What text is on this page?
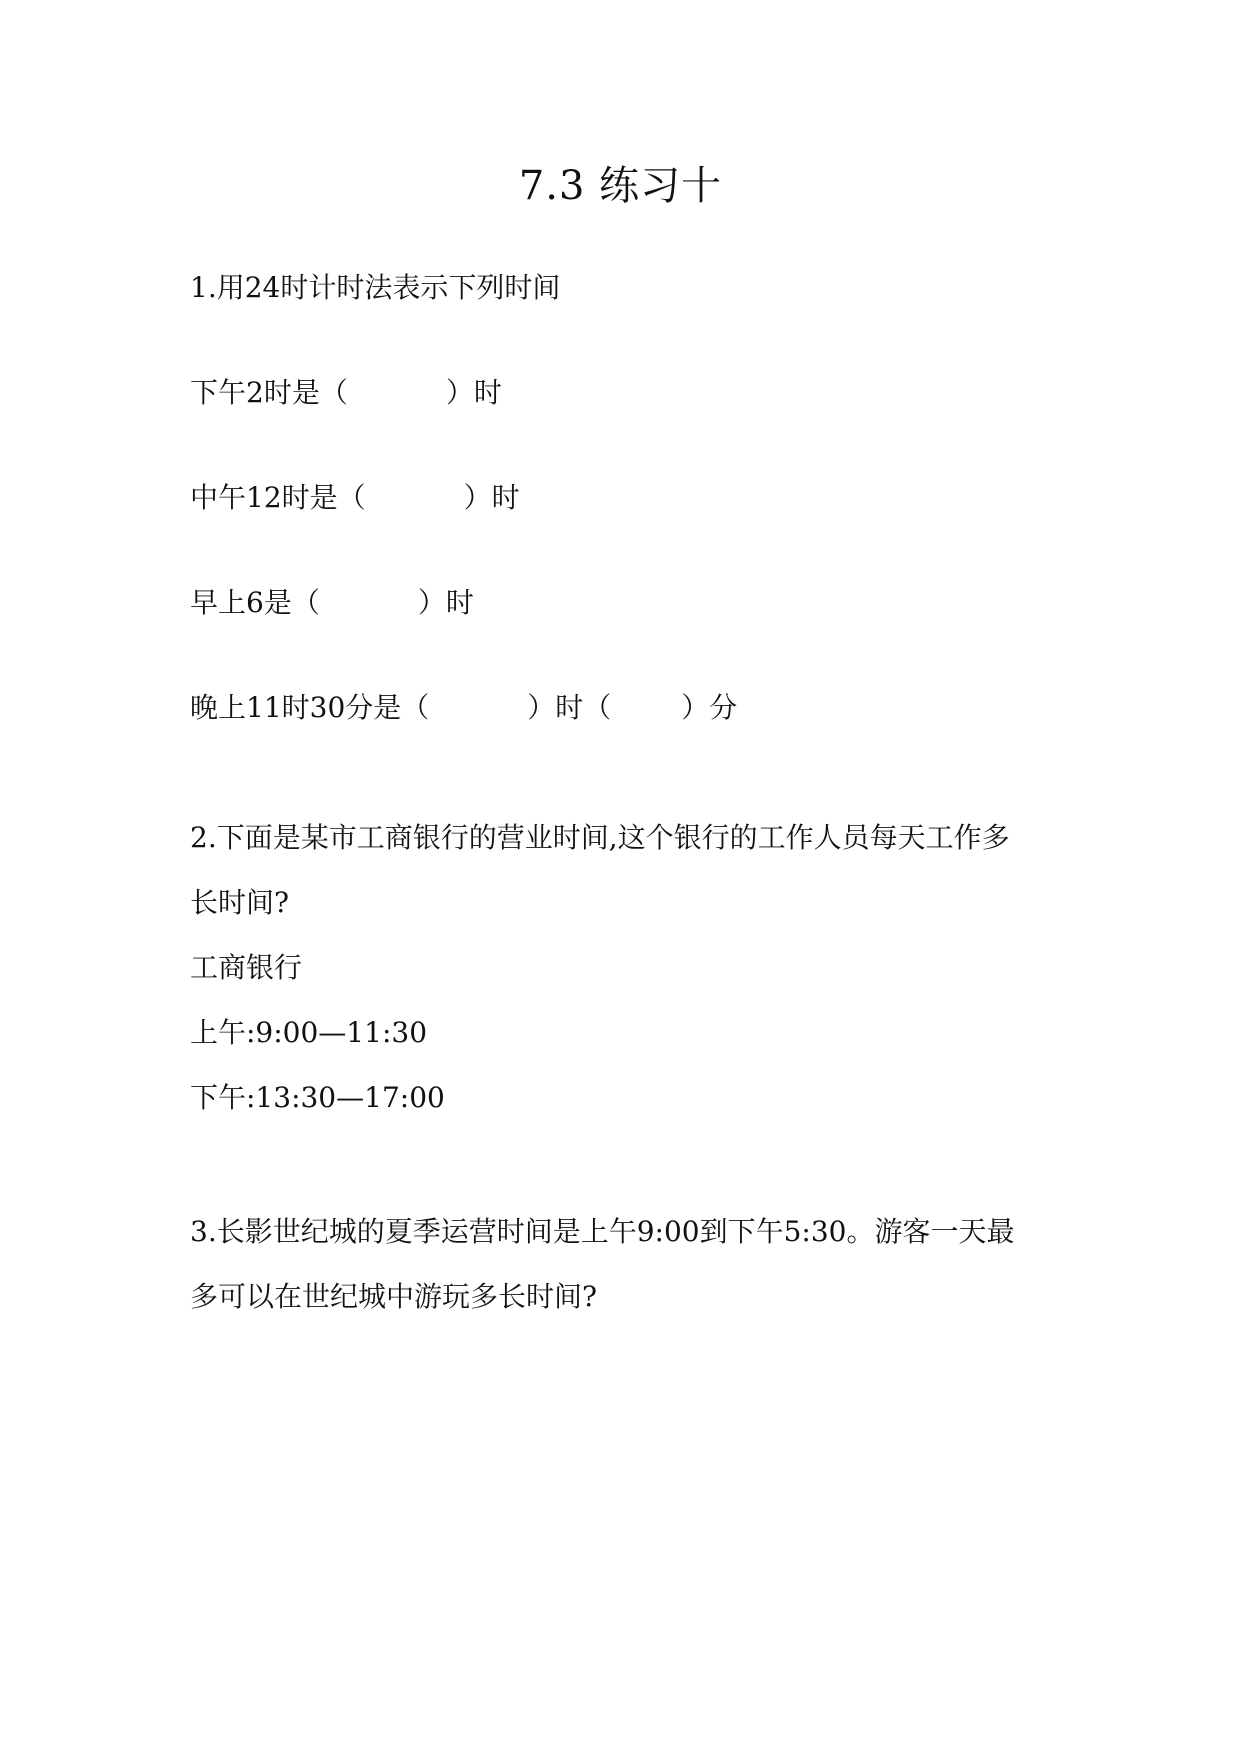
7.3 练习十
1.用24时计时法表示下列时间
下午2时是（	）时
中午12时是（	）时
早上6是（	）时
晚上11时30分是（	）时（	）分
2.下面是某市工商银行的营业时间,这个银行的工作人员每天工作多
长时间?
工商银行
上午:9:00—11:30
下午:13:30—17:00
3.长影世纪城的夏季运营时间是上午9:00到下午5:30。游客一天最
多可以在世纪城中游玩多长时间?
